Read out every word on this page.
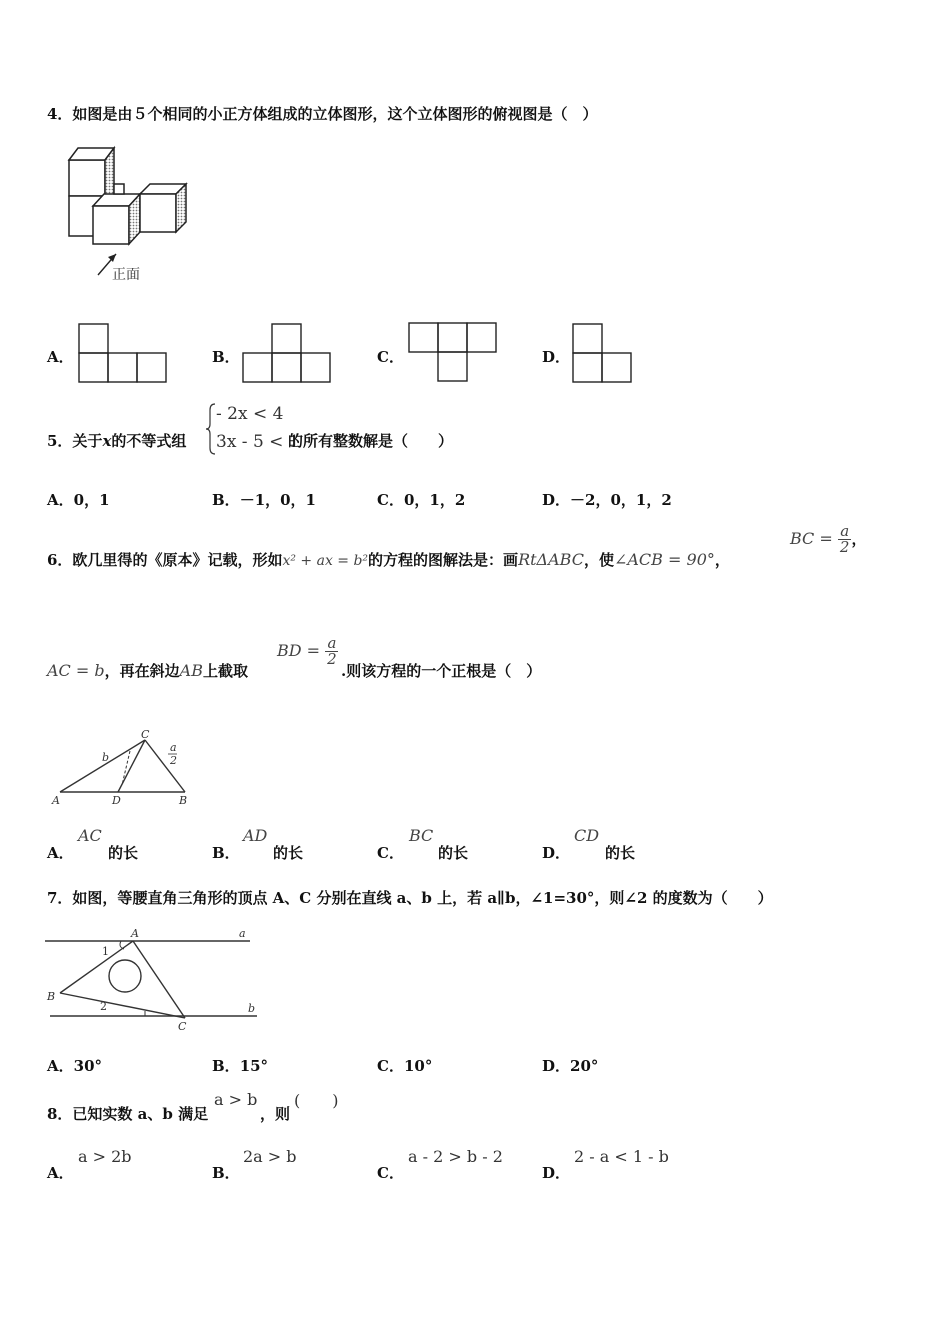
4．如图是由５个相同的小正方体组成的立体图形，这个立体图形的俯视图是（　）
正面
A．	B．	C．	D．
5．关于x的不等式组
- 2x < 4
3x - 5 < 1
的所有整数解是（　　）
A．0，1	B．－1，0，1	C．0，1，2	D．－2，0，1，2
6．欧几里得的《原本》记载，形如x² + ax = b²的方程的图解法是：画RtΔABC，使∠ACB = 90°，
BC = $\frac{a}{2}$ ，
AC = b，再在斜边AB上截取
BD = $\frac{a}{2}$
.则该方程的一个正根是（　）
A	D	B
C
b
a
2
A．
AC
的长	B．
AD
的长	C．
BC
的长	D．
CD
的长
7．如图，等腰直角三角形的顶点 A、C 分别在直线 a、b 上，若 a∥b，∠1=30°，则∠2 的度数为（　　）
A
B
C
a
b
1
2
A．30°	B．15°	C．10°	D．20°
8．已知实数 a、b 满足
a > b
，则
(　　)
A．
a > 2b
B．
2a > b
C．
a - 2 > b - 2
D．
2 - a < 1 - b
